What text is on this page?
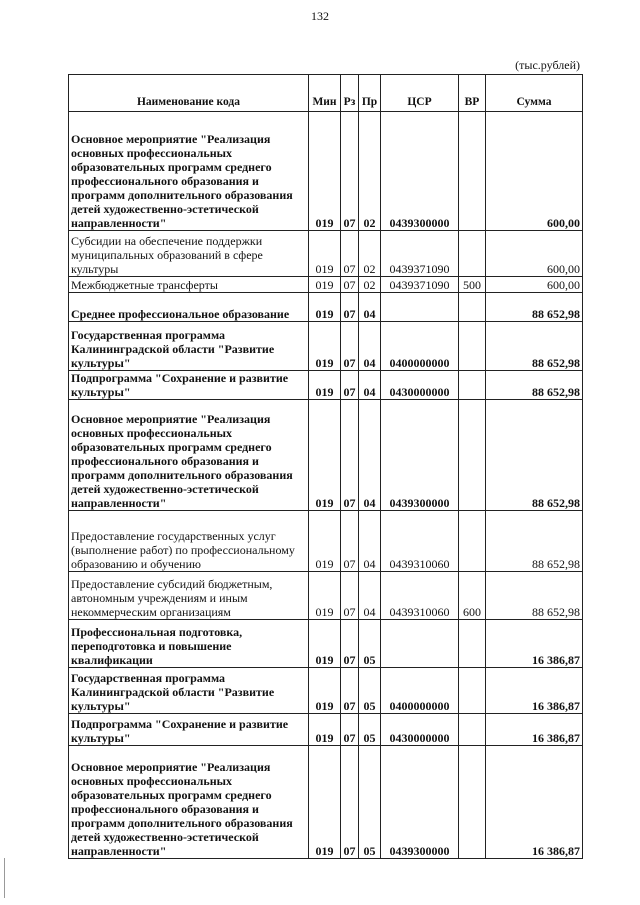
132
(тыс.рублей)
Наименование кода	Мин	Рз	Пр	ЦСР	ВР	Сумма
Основное мероприятие "Реализация основных профессиональных образовательных программ среднего профессионального образования и программ дополнительного образования детей художественно-эстетической направленности"	019	07	02	0439300000		600,00
Субсидии на обеспечение поддержки муниципальных образований в сфере культуры	019	07	02	0439371090		600,00
Межбюджетные трансферты	019	07	02	0439371090	500	600,00
Среднее профессиональное образование	019	07	04			88 652,98
Государственная программа Калининградской области "Развитие культуры"	019	07	04	0400000000		88 652,98
Подпрограмма "Сохранение и развитие культуры"	019	07	04	0430000000		88 652,98
Основное мероприятие "Реализация основных профессиональных образовательных программ среднего профессионального образования и программ дополнительного образования детей художественно-эстетической направленности"	019	07	04	0439300000		88 652,98
Предоставление государственных услуг (выполнение работ) по профессиональному образованию и обучению	019	07	04	0439310060		88 652,98
Предоставление субсидий бюджетным, автономным учреждениям и иным некоммерческим организациям	019	07	04	0439310060	600	88 652,98
Профессиональная подготовка, переподготовка и повышение квалификации	019	07	05			16 386,87
Государственная программа Калининградской области "Развитие культуры"	019	07	05	0400000000		16 386,87
Подпрограмма "Сохранение и развитие культуры"	019	07	05	0430000000		16 386,87
Основное мероприятие "Реализация основных профессиональных образовательных программ среднего профессионального образования и программ дополнительного образования детей художественно-эстетической направленности"	019	07	05	0439300000		16 386,87
